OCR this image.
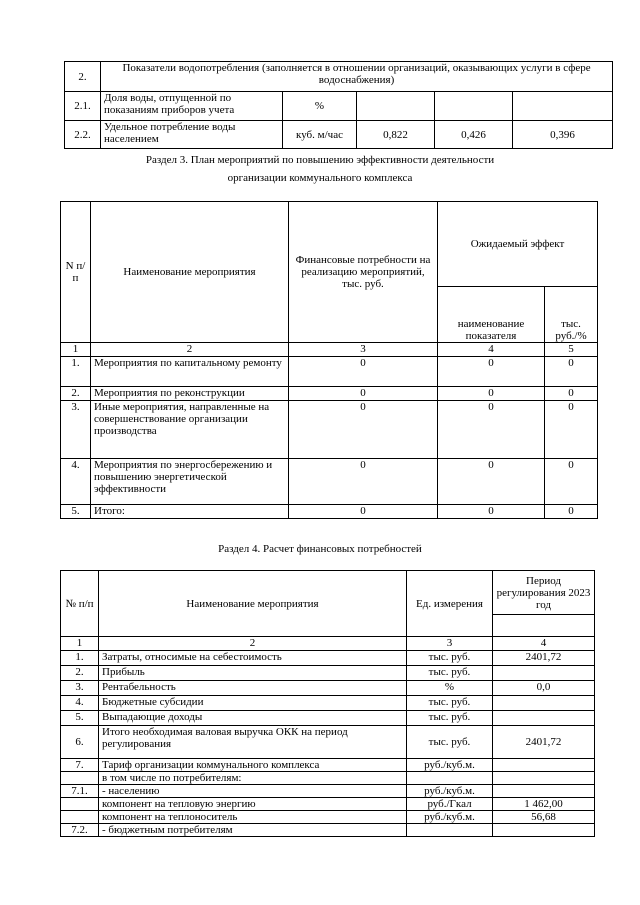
2.	Показатели водопотребления (заполняется в отношении организаций, оказывающих услуги в сфере водоснабжения)				
2.1.	Доля воды, отпущенной по показаниям приборов учета	%			
2.2.	Удельное потребление воды населением	куб. м/час	0,822	0,426	0,396
Раздел 3. План мероприятий по повышению эффективности деятельности
организации коммунального комплекса
N п/п	Наименование мероприятия	Финансовые потребности на реализацию мероприятий, тыс. руб.	Ожидаемый эффект	
			наименование показателя	тыс. руб./%
1	2	3	4	5
1.	Мероприятия по капитальному ремонту	0	0	0
2.	Мероприятия по реконструкции	0	0	0
3.	Иные мероприятия, направленные на совершенствование организации производства	0	0	0
4.	Мероприятия по энергосбережению и повышению энергетической эффективности	0	0	0
5.	Итого:	0	0	0
Раздел 4. Расчет финансовых потребностей
№ п/п	Наименование мероприятия	Ед. измерения	Период регулирования 2023 год

1	2	3	4
1.	Затраты, относимые на себестоимость	тыс. руб.	2401,72
2.	Прибыль	тыс. руб.	
3.	Рентабельность	%	0,0
4.	Бюджетные субсидии	тыс. руб.	
5.	Выпадающие доходы	тыс. руб.	
6.	Итого необходимая валовая выручка ОКК на период регулирования	тыс. руб.	2401,72
7.	Тариф организации коммунального комплекса	руб./куб.м.	
	в том числе по потребителям:		
7.1.	- населению	руб./куб.м.	
	компонент на тепловую энергию	руб./Гкал	1 462,00
	компонент на теплоноситель	руб./куб.м.	56,68
7.2.	- бюджетным потребителям		
